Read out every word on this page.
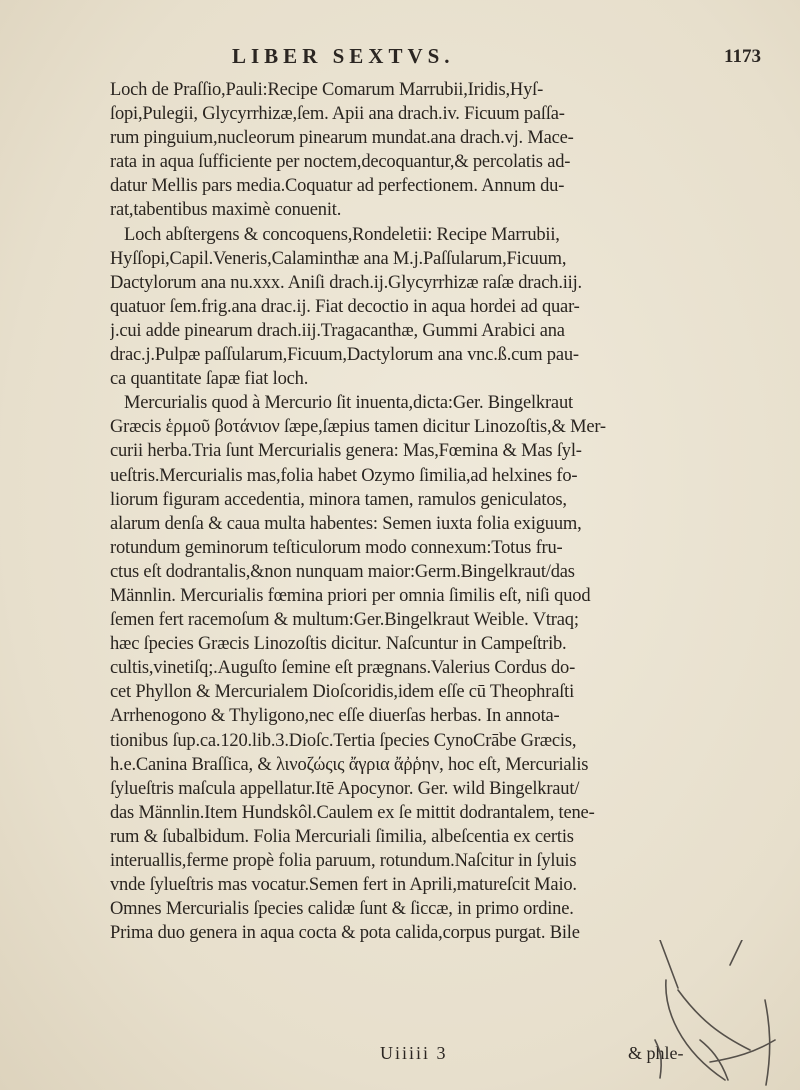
LIBER SEXTVS.	1173
Loch de Praſſio,Pauli:Recipe Comarum Marrubii,Iridis,Hyſ-
ſopi,Pulegii, Glycyrrhizæ,ſem. Apii ana drach.iv. Ficuum paſſa-
rum pinguium,nucleorum pinearum mundat.ana drach.vj. Mace-
rata in aqua ſufficiente per noctem,decoquantur,& percolatis ad-
datur Mellis pars media.Coquatur ad perfectionem. Annum du-
rat,tabentibus maximè conuenit.
Loch abſtergens & concoquens,Rondeletii: Recipe Marrubii,
Hyſſopi,Capil.Veneris,Calaminthæ ana M.j.Paſſularum,Ficuum,
Dactylorum ana nu.xxx. Aniſi drach.ij.Glycyrrhizæ raſæ drach.iij.
quatuor ſem.frig.ana drac.ij. Fiat decoctio in aqua hordei ad quar-
j.cui adde pinearum drach.iij.Tragacanthæ, Gummi Arabici ana
drac.j.Pulpæ paſſularum,Ficuum,Dactylorum ana vnc.ß.cum pau-
ca quantitate ſapæ fiat loch.
Mercurialis quod à Mercurio ſit inuenta,dicta:Ger. Bingelkraut
Græcis ἑρμοῦ βοτάνιον ſæpe,ſæpius tamen dicitur Linozoſtis,& Mer-
curii herba.Tria ſunt Mercurialis genera: Mas,Fœmina & Mas ſyl-
ueſtris.Mercurialis mas,folia habet Ozymo ſimilia,ad helxines fo-
liorum figuram accedentia, minora tamen, ramulos geniculatos,
alarum denſa & caua multa habentes: Semen iuxta folia exiguum,
rotundum geminorum teſticulorum modo connexum:Totus fru-
ctus eſt dodrantalis,&non nunquam maior:Germ.Bingelkraut/das
Männlin. Mercurialis fœmina priori per omnia ſimilis eſt, niſi quod
ſemen fert racemoſum & multum:Ger.Bingelkraut Weible. Vtraq;
hæc ſpecies Græcis Linozoſtis dicitur. Naſcuntur in Campeſtrib.
cultis,vinetiſq;.Auguſto ſemine eſt prægnans.Valerius Cordus do-
cet Phyllon & Mercurialem Dioſcoridis,idem eſſe cū Theophraſti
Arrhenogono & Thyligono,nec eſſe diuerſas herbas. In annota-
tionibus ſup.ca.120.lib.3.Dioſc.Tertia ſpecies CynoCrābe Græcis,
h.e.Canina Braſſica, & λινοζώςις ἄγρια ἄῤῥην, hoc eſt, Mercurialis
ſylueſtris maſcula appellatur.Itē Apocynor. Ger. wild Bingelkraut/
das Männlin.Item Hundskôl.Caulem ex ſe mittit dodrantalem, tene-
rum & ſubalbidum. Folia Mercuriali ſimilia, albeſcentia ex certis
interuallis,ferme propè folia paruum, rotundum.Naſcitur in ſyluis
vnde ſylueſtris mas vocatur.Semen fert in Aprili,matureſcit Maio.
Omnes Mercurialis ſpecies calidæ ſunt & ſiccæ, in primo ordine.
Prima duo genera in aqua cocta & pota calida,corpus purgat. Bile
Uiiiii 3	& phle-
